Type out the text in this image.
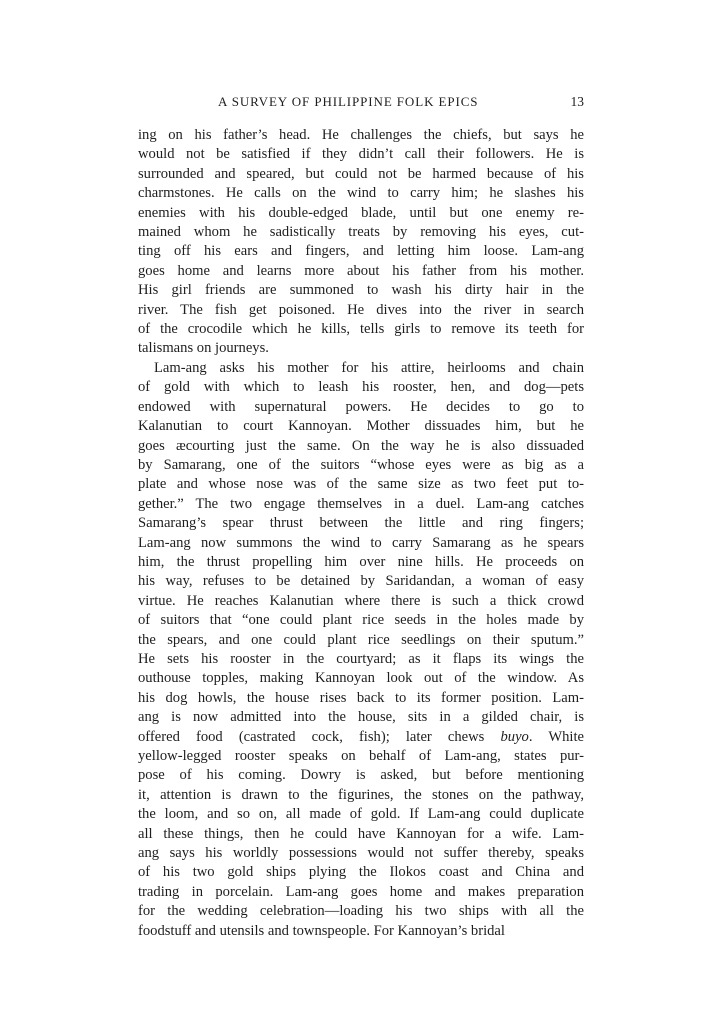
A SURVEY OF PHILIPPINE FOLK EPICS	13
ing on his father’s head. He challenges the chiefs, but says he
would not be satisfied if they didn’t call their followers. He is
surrounded and speared, but could not be harmed because of his
charmstones. He calls on the wind to carry him; he slashes his
enemies with his double-edged blade, until but one enemy re-
mained whom he sadistically treats by removing his eyes, cut-
ting off his ears and fingers, and letting him loose. Lam-ang
goes home and learns more about his father from his mother.
His girl friends are summoned to wash his dirty hair in the
river. The fish get poisoned. He dives into the river in search
of the crocodile which he kills, tells girls to remove its teeth for
talismans on journeys.
Lam-ang asks his mother for his attire, heirlooms and chain
of gold with which to leash his rooster, hen, and dog—pets
endowed with supernatural powers. He decides to go to
Kalanutian to court Kannoyan. Mother dissuades him, but he
goes æcourting just the same. On the way he is also dissuaded
by Samarang, one of the suitors “whose eyes were as big as a
plate and whose nose was of the same size as two feet put to-
gether.” The two engage themselves in a duel. Lam-ang catches
Samarang’s spear thrust between the little and ring fingers;
Lam-ang now summons the wind to carry Samarang as he spears
him, the thrust propelling him over nine hills. He proceeds on
his way, refuses to be detained by Saridandan, a woman of easy
virtue. He reaches Kalanutian where there is such a thick crowd
of suitors that “one could plant rice seeds in the holes made by
the spears, and one could plant rice seedlings on their sputum.”
He sets his rooster in the courtyard; as it flaps its wings the
outhouse topples, making Kannoyan look out of the window. As
his dog howls, the house rises back to its former position. Lam-
ang is now admitted into the house, sits in a gilded chair, is
offered food (castrated cock, fish); later chews buyo. White
yellow-legged rooster speaks on behalf of Lam-ang, states pur-
pose of his coming. Dowry is asked, but before mentioning
it, attention is drawn to the figurines, the stones on the pathway,
the loom, and so on, all made of gold. If Lam-ang could duplicate
all these things, then he could have Kannoyan for a wife. Lam-
ang says his worldly possessions would not suffer thereby, speaks
of his two gold ships plying the Ilokos coast and China and
trading in porcelain. Lam-ang goes home and makes preparation
for the wedding celebration—loading his two ships with all the
foodstuff and utensils and townspeople. For Kannoyan’s bridal
